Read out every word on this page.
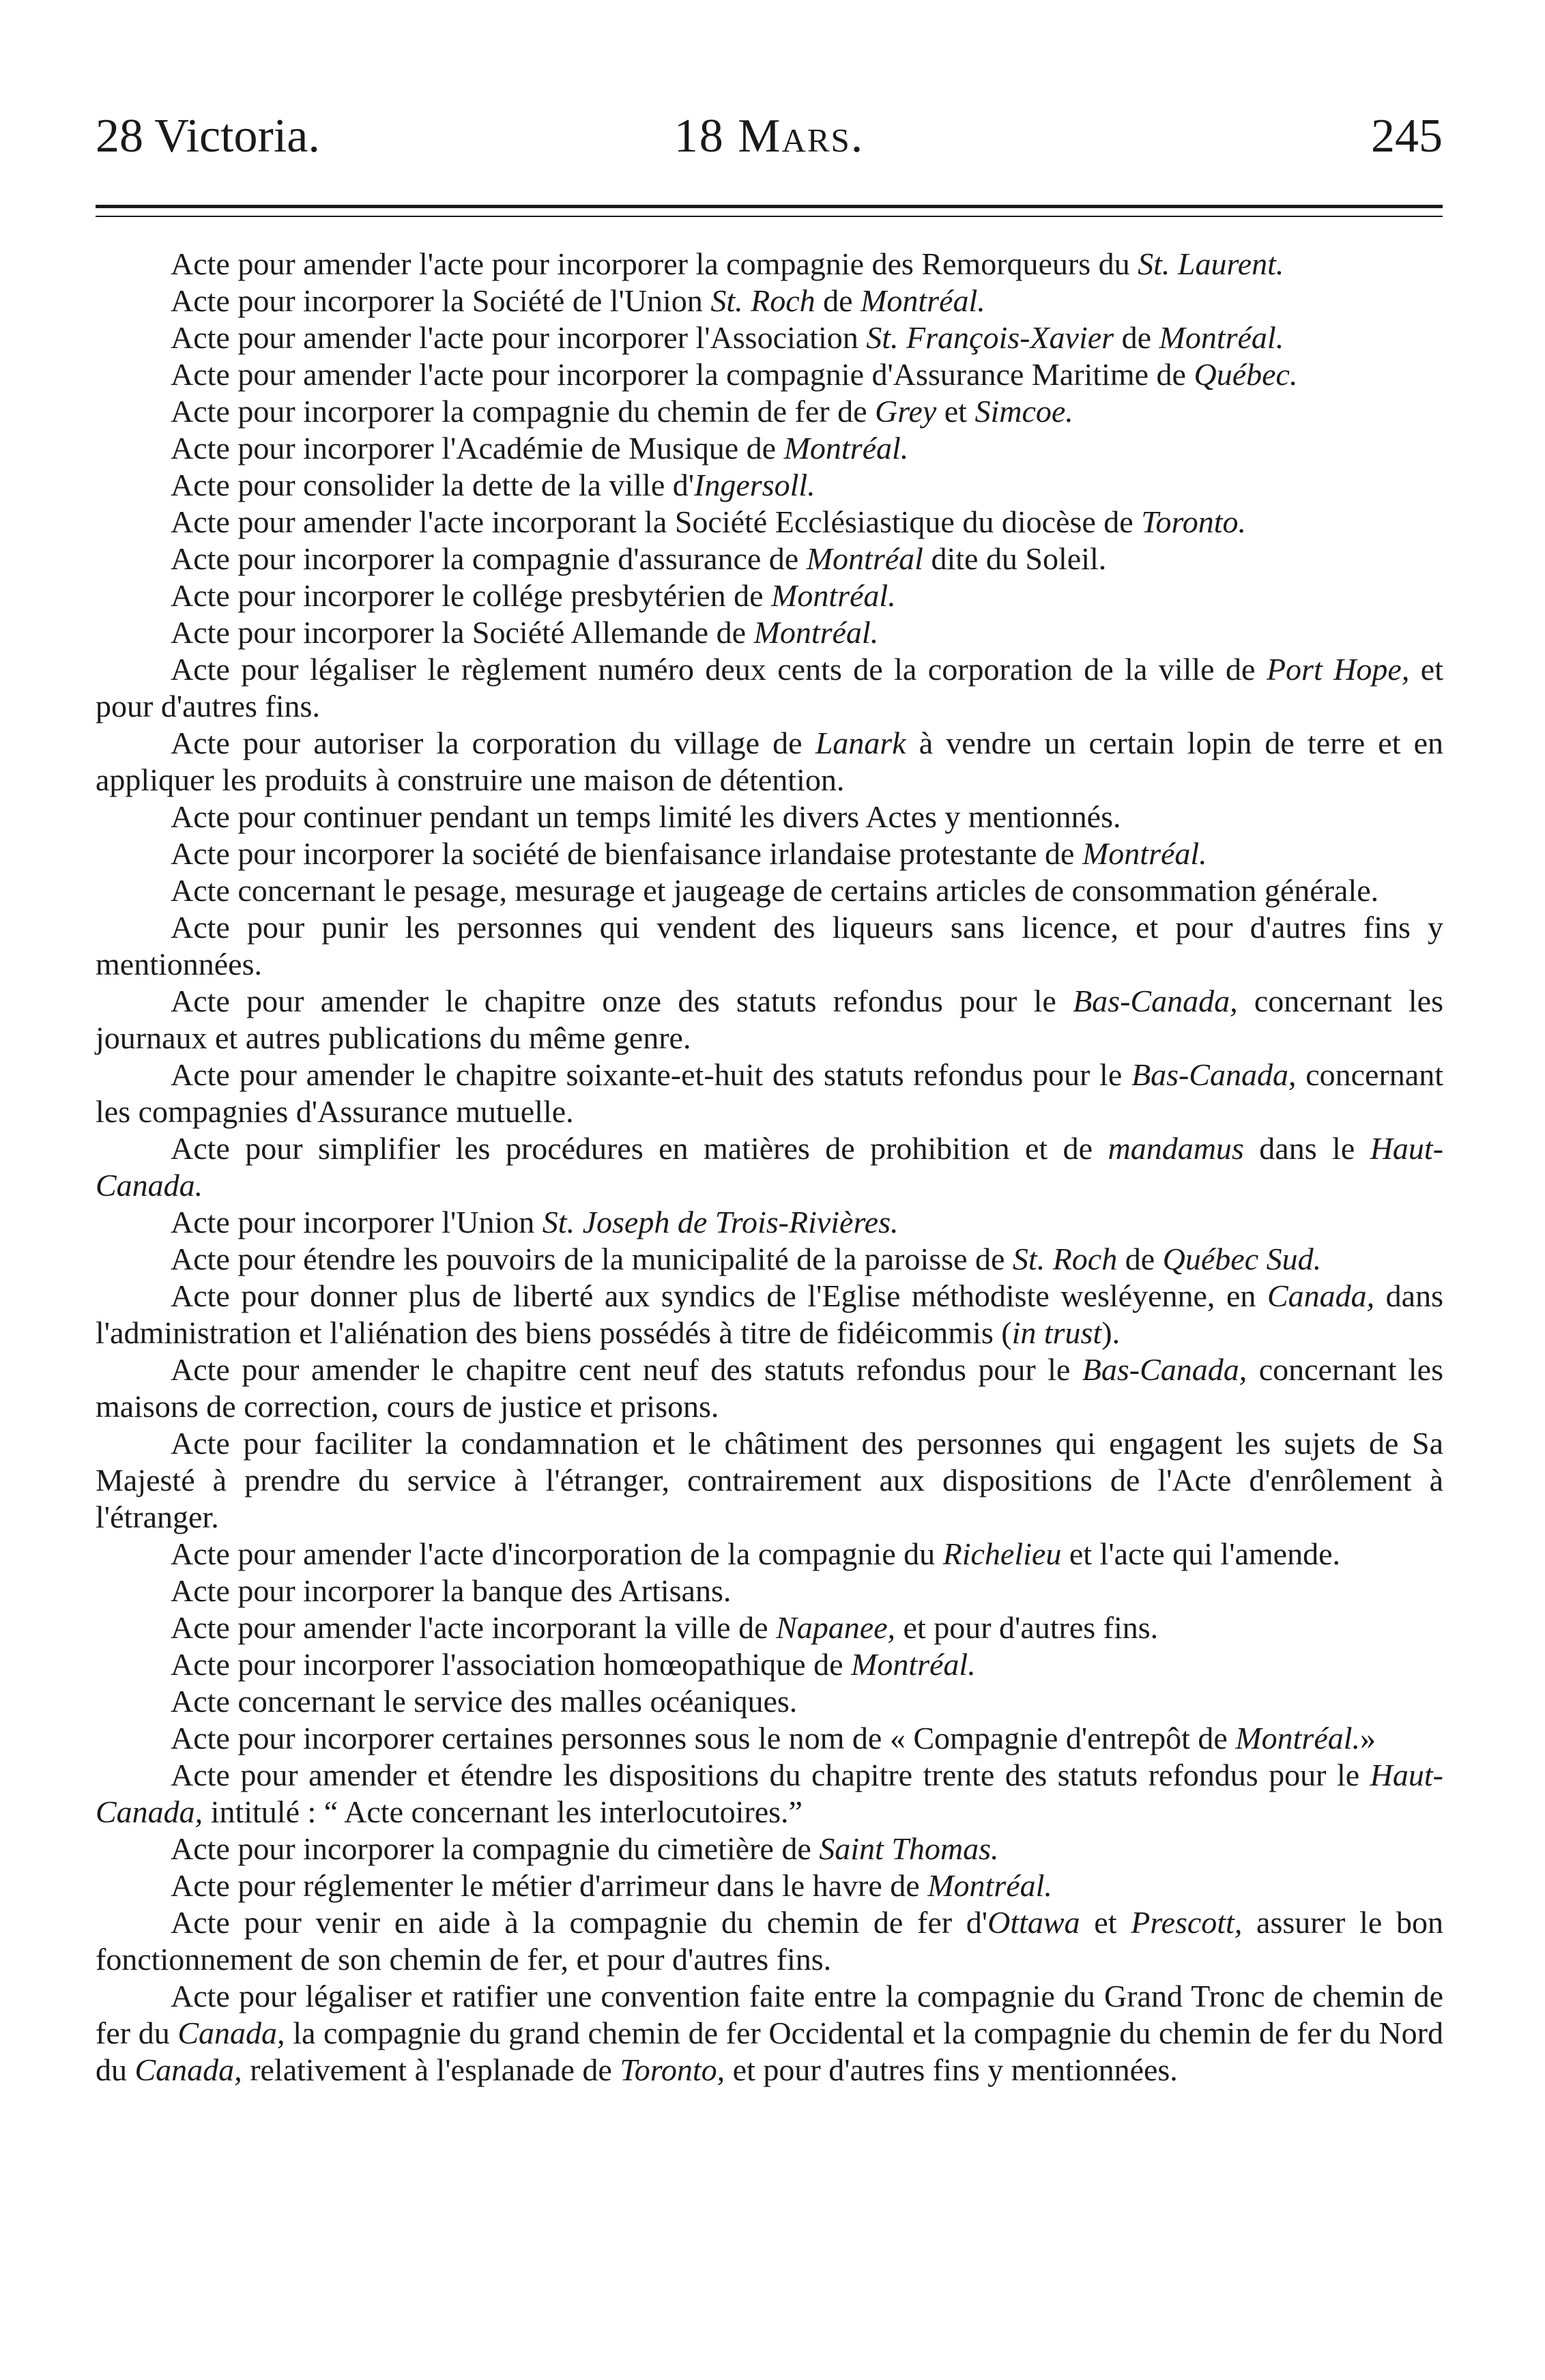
28 Victoria.	18 Mars.	245

Acte pour amender l'acte pour incorporer la compagnie des Remorqueurs du St. Laurent.

Acte pour incorporer la Société de l'Union St. Roch de Montréal.

Acte pour amender l'acte pour incorporer l'Association St. François-Xavier de Montréal.

Acte pour amender l'acte pour incorporer la compagnie d'Assurance Maritime de Québec.

Acte pour incorporer la compagnie du chemin de fer de Grey et Simcoe.

Acte pour incorporer l'Académie de Musique de Montréal.

Acte pour consolider la dette de la ville d'Ingersoll.

Acte pour amender l'acte incorporant la Société Ecclésiastique du diocèse de Toronto.

Acte pour incorporer la compagnie d'assurance de Montréal dite du Soleil.

Acte pour incorporer le collége presbytérien de Montréal.

Acte pour incorporer la Société Allemande de Montréal.

Acte pour légaliser le règlement numéro deux cents de la corporation de la ville de Port Hope, et pour d'autres fins.

Acte pour autoriser la corporation du village de Lanark à vendre un certain lopin de terre et en appliquer les produits à construire une maison de détention.

Acte pour continuer pendant un temps limité les divers Actes y mentionnés.

Acte pour incorporer la société de bienfaisance irlandaise protestante de Montréal.

Acte concernant le pesage, mesurage et jaugeage de certains articles de consommation générale.

Acte pour punir les personnes qui vendent des liqueurs sans licence, et pour d'autres fins y mentionnées.

Acte pour amender le chapitre onze des statuts refondus pour le Bas-Canada, concernant les journaux et autres publications du même genre.

Acte pour amender le chapitre soixante-et-huit des statuts refondus pour le Bas-Canada, concernant les compagnies d'Assurance mutuelle.

Acte pour simplifier les procédures en matières de prohibition et de mandamus dans le Haut-Canada.

Acte pour incorporer l'Union St. Joseph de Trois-Rivières.

Acte pour étendre les pouvoirs de la municipalité de la paroisse de St. Roch de Québec Sud.

Acte pour donner plus de liberté aux syndics de l'Eglise méthodiste wesléyenne, en Canada, dans l'administration et l'aliénation des biens possédés à titre de fidéicommis (in trust).

Acte pour amender le chapitre cent neuf des statuts refondus pour le Bas-Canada, concernant les maisons de correction, cours de justice et prisons.

Acte pour faciliter la condamnation et le châtiment des personnes qui engagent les sujets de Sa Majesté à prendre du service à l'étranger, contrairement aux dispositions de l'Acte d'enrôlement à l'étranger.

Acte pour amender l'acte d'incorporation de la compagnie du Richelieu et l'acte qui l'amende.

Acte pour incorporer la banque des Artisans.

Acte pour amender l'acte incorporant la ville de Napanee, et pour d'autres fins.

Acte pour incorporer l'association homœopathique de Montréal.

Acte concernant le service des malles océaniques.

Acte pour incorporer certaines personnes sous le nom de « Compagnie d'entrepôt de Montréal.»

Acte pour amender et étendre les dispositions du chapitre trente des statuts refondus pour le Haut-Canada, intitulé : “ Acte concernant les interlocutoires.”

Acte pour incorporer la compagnie du cimetière de Saint Thomas.

Acte pour réglementer le métier d'arrimeur dans le havre de Montréal.

Acte pour venir en aide à la compagnie du chemin de fer d'Ottawa et Prescott, assurer le bon fonctionnement de son chemin de fer, et pour d'autres fins.

Acte pour légaliser et ratifier une convention faite entre la compagnie du Grand Tronc de chemin de fer du Canada, la compagnie du grand chemin de fer Occidental et la compagnie du chemin de fer du Nord du Canada, relativement à l'esplanade de Toronto, et pour d'autres fins y mentionnées.
